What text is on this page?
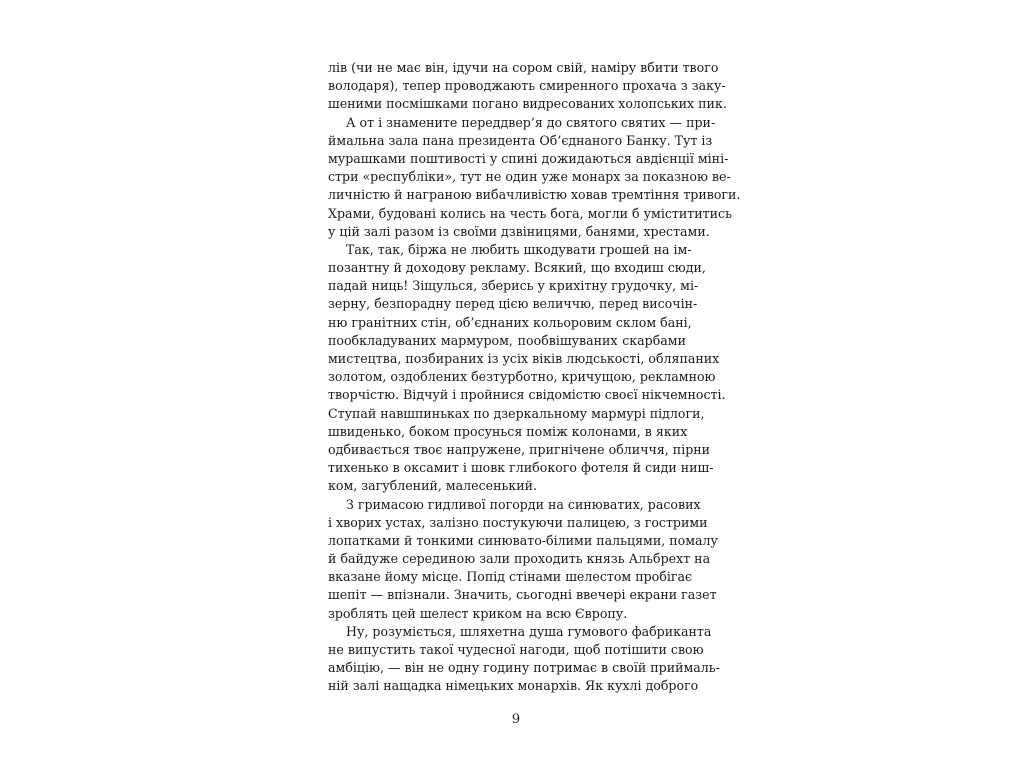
лів (чи не має він, ідучи на сором свій, наміру вбити твого
володаря), тепер проводжають смиренного прохача з заку-
шеними посмішками погано видресованих холопських пик.
А от і знамените переддвер’я до святого святих — при-
ймальна зала пана президента Об’єднаного Банку. Тут із
мурашками поштивості у спині дожидаються авдієнції міні-
стри «республіки», тут не один уже монарх за показною ве-
личністю й награною вибачливістю ховав тремтіння тривоги.
Храми, будовані колись на честь бога, могли б умістититись
у цій залі разом із своїми дзвіницями, банями, хрестами.
Так, так, біржа не любить шкодувати грошей на ім-
позантну й доходову рекламу. Всякий, що входиш сюди,
падай ниць! Зіщулься, зберись у крихітну грудочку, мі-
зерну, безпорадну перед цією величчю, перед височін-
ню гранітних стін, об’єднаних кольоровим склом бані,
пообкладуваних мармуром, пообвішуваних скарбами
мистецтва, позбираних із усіх віків людськості, обляпаних
золотом, оздоблених безтурботно, кричущою, рекламною
творчістю. Відчуй і пройнися свідомістю своєї нікчемності.
Ступай навшпиньках по дзеркальному мармурі підлоги,
швиденько, боком просунься поміж колонами, в яких
одбивається твоє напружене, пригнічене обличчя, пірни
тихенько в оксамит і шовк глибокого фотеля й сиди ниш-
ком, загублений, малесенький.
З гримасою гидливої погорди на синюватих, расових
і хворих устах, залізно постукуючи палицею, з гострими
лопатками й тонкими синювато-білими пальцями, помалу
й байдуже серединою зали проходить князь Альбрехт на
вказане йому місце. Попід стінами шелестом пробігає
шепіт — впізнали. Значить, сьогодні ввечері екрани газет
зроблять цей шелест криком на всю Європу.
Ну, розуміється, шляхетна душа гумового фабриканта
не випустить такої чудесної нагоди, щоб потішити свою
амбіцію, — він не одну годину потримає в своїй приймаль-
ній залі нащадка німецьких монархів. Як кухлі доброго
9
